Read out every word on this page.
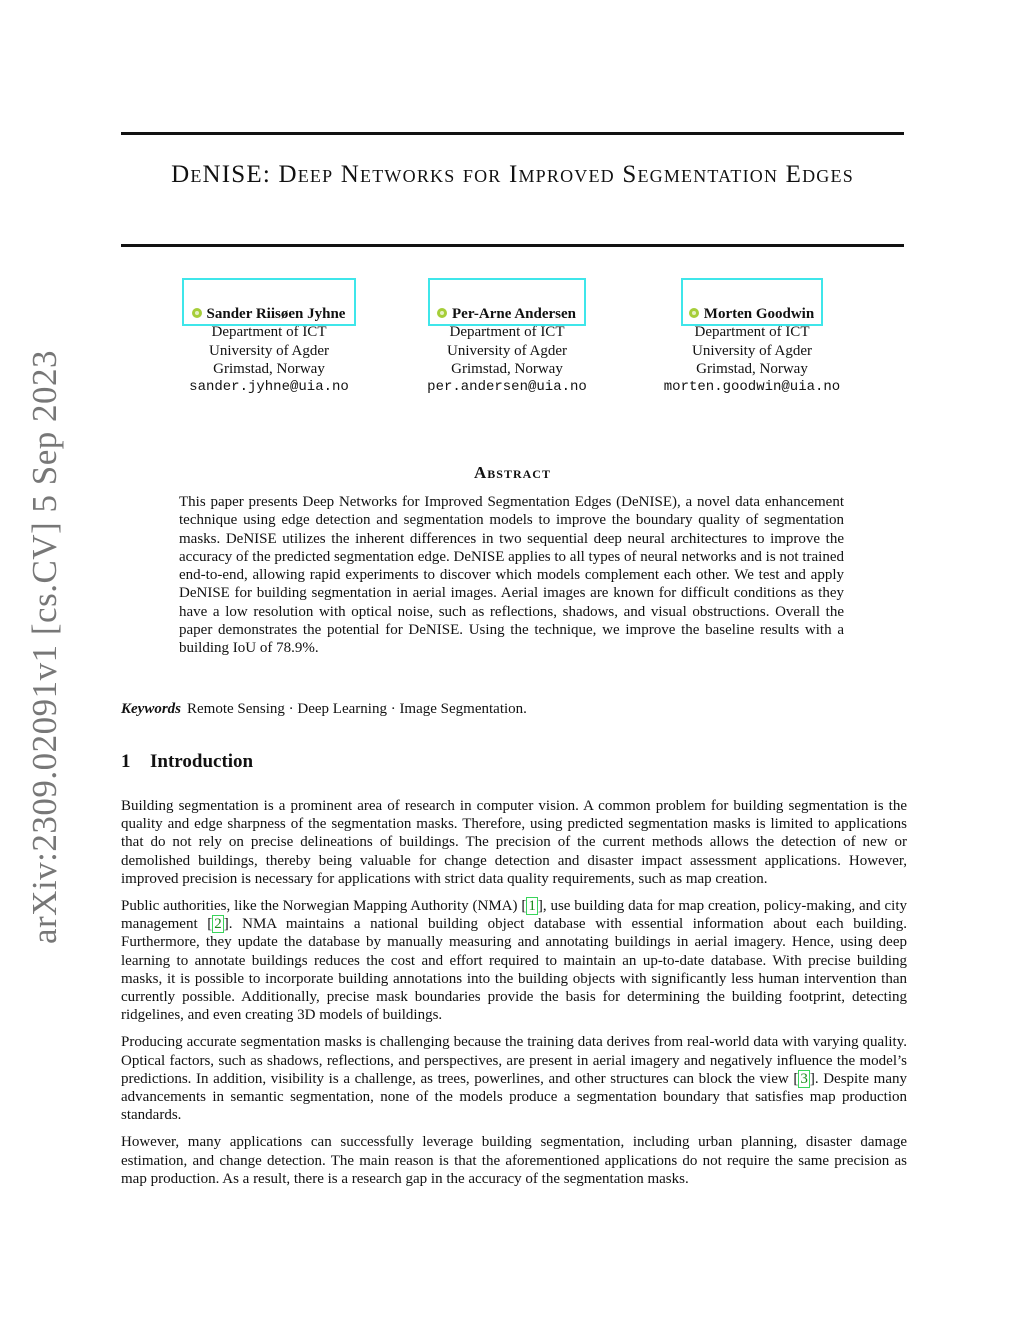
arXiv:2309.02091v1 [cs.CV] 5 Sep 2023
DeNISE: Deep Networks for Improved Segmentation Edges
Sander Riisøen Jyhne
Department of ICT
University of Agder
Grimstad, Norway
sander.jyhne@uia.no
Per-Arne Andersen
Department of ICT
University of Agder
Grimstad, Norway
per.andersen@uia.no
Morten Goodwin
Department of ICT
University of Agder
Grimstad, Norway
morten.goodwin@uia.no
Abstract
This paper presents Deep Networks for Improved Segmentation Edges (DeNISE), a novel data enhancement technique using edge detection and segmentation models to improve the boundary quality of segmentation masks. DeNISE utilizes the inherent differences in two sequential deep neural architectures to improve the accuracy of the predicted segmentation edge. DeNISE applies to all types of neural networks and is not trained end-to-end, allowing rapid experiments to discover which models complement each other. We test and apply DeNISE for building segmentation in aerial images. Aerial images are known for difficult conditions as they have a low resolution with optical noise, such as reflections, shadows, and visual obstructions. Overall the paper demonstrates the potential for DeNISE. Using the technique, we improve the baseline results with a building IoU of 78.9%.
Keywords Remote Sensing · Deep Learning · Image Segmentation.
1 Introduction

Building segmentation is a prominent area of research in computer vision. A common problem for building segmentation is the quality and edge sharpness of the segmentation masks. Therefore, using predicted segmentation masks is limited to applications that do not rely on precise delineations of buildings. The precision of the current methods allows the detection of new or demolished buildings, thereby being valuable for change detection and disaster impact assessment applications. However, improved precision is necessary for applications with strict data quality requirements, such as map creation.

Public authorities, like the Norwegian Mapping Authority (NMA) [ 1 ], use building data for map creation, policy-making, and city management [ 2 ]. NMA maintains a national building object database with essential information about each building. Furthermore, they update the database by manually measuring and annotating buildings in aerial imagery. Hence, using deep learning to annotate buildings reduces the cost and effort required to maintain an up-to-date database. With precise building masks, it is possible to incorporate building annotations into the building objects with significantly less human intervention than currently possible. Additionally, precise mask boundaries provide the basis for determining the building footprint, detecting ridgelines, and even creating 3D models of buildings.

Producing accurate segmentation masks is challenging because the training data derives from real-world data with varying quality. Optical factors, such as shadows, reflections, and perspectives, are present in aerial imagery and negatively influence the model’s predictions. In addition, visibility is a challenge, as trees, powerlines, and other structures can block the view [ 3 ]. Despite many advancements in semantic segmentation, none of the models produce a segmentation boundary that satisfies map production standards.

However, many applications can successfully leverage building segmentation, including urban planning, disaster damage estimation, and change detection. The main reason is that the aforementioned applications do not require the same precision as map production. As a result, there is a research gap in the accuracy of the segmentation masks.
